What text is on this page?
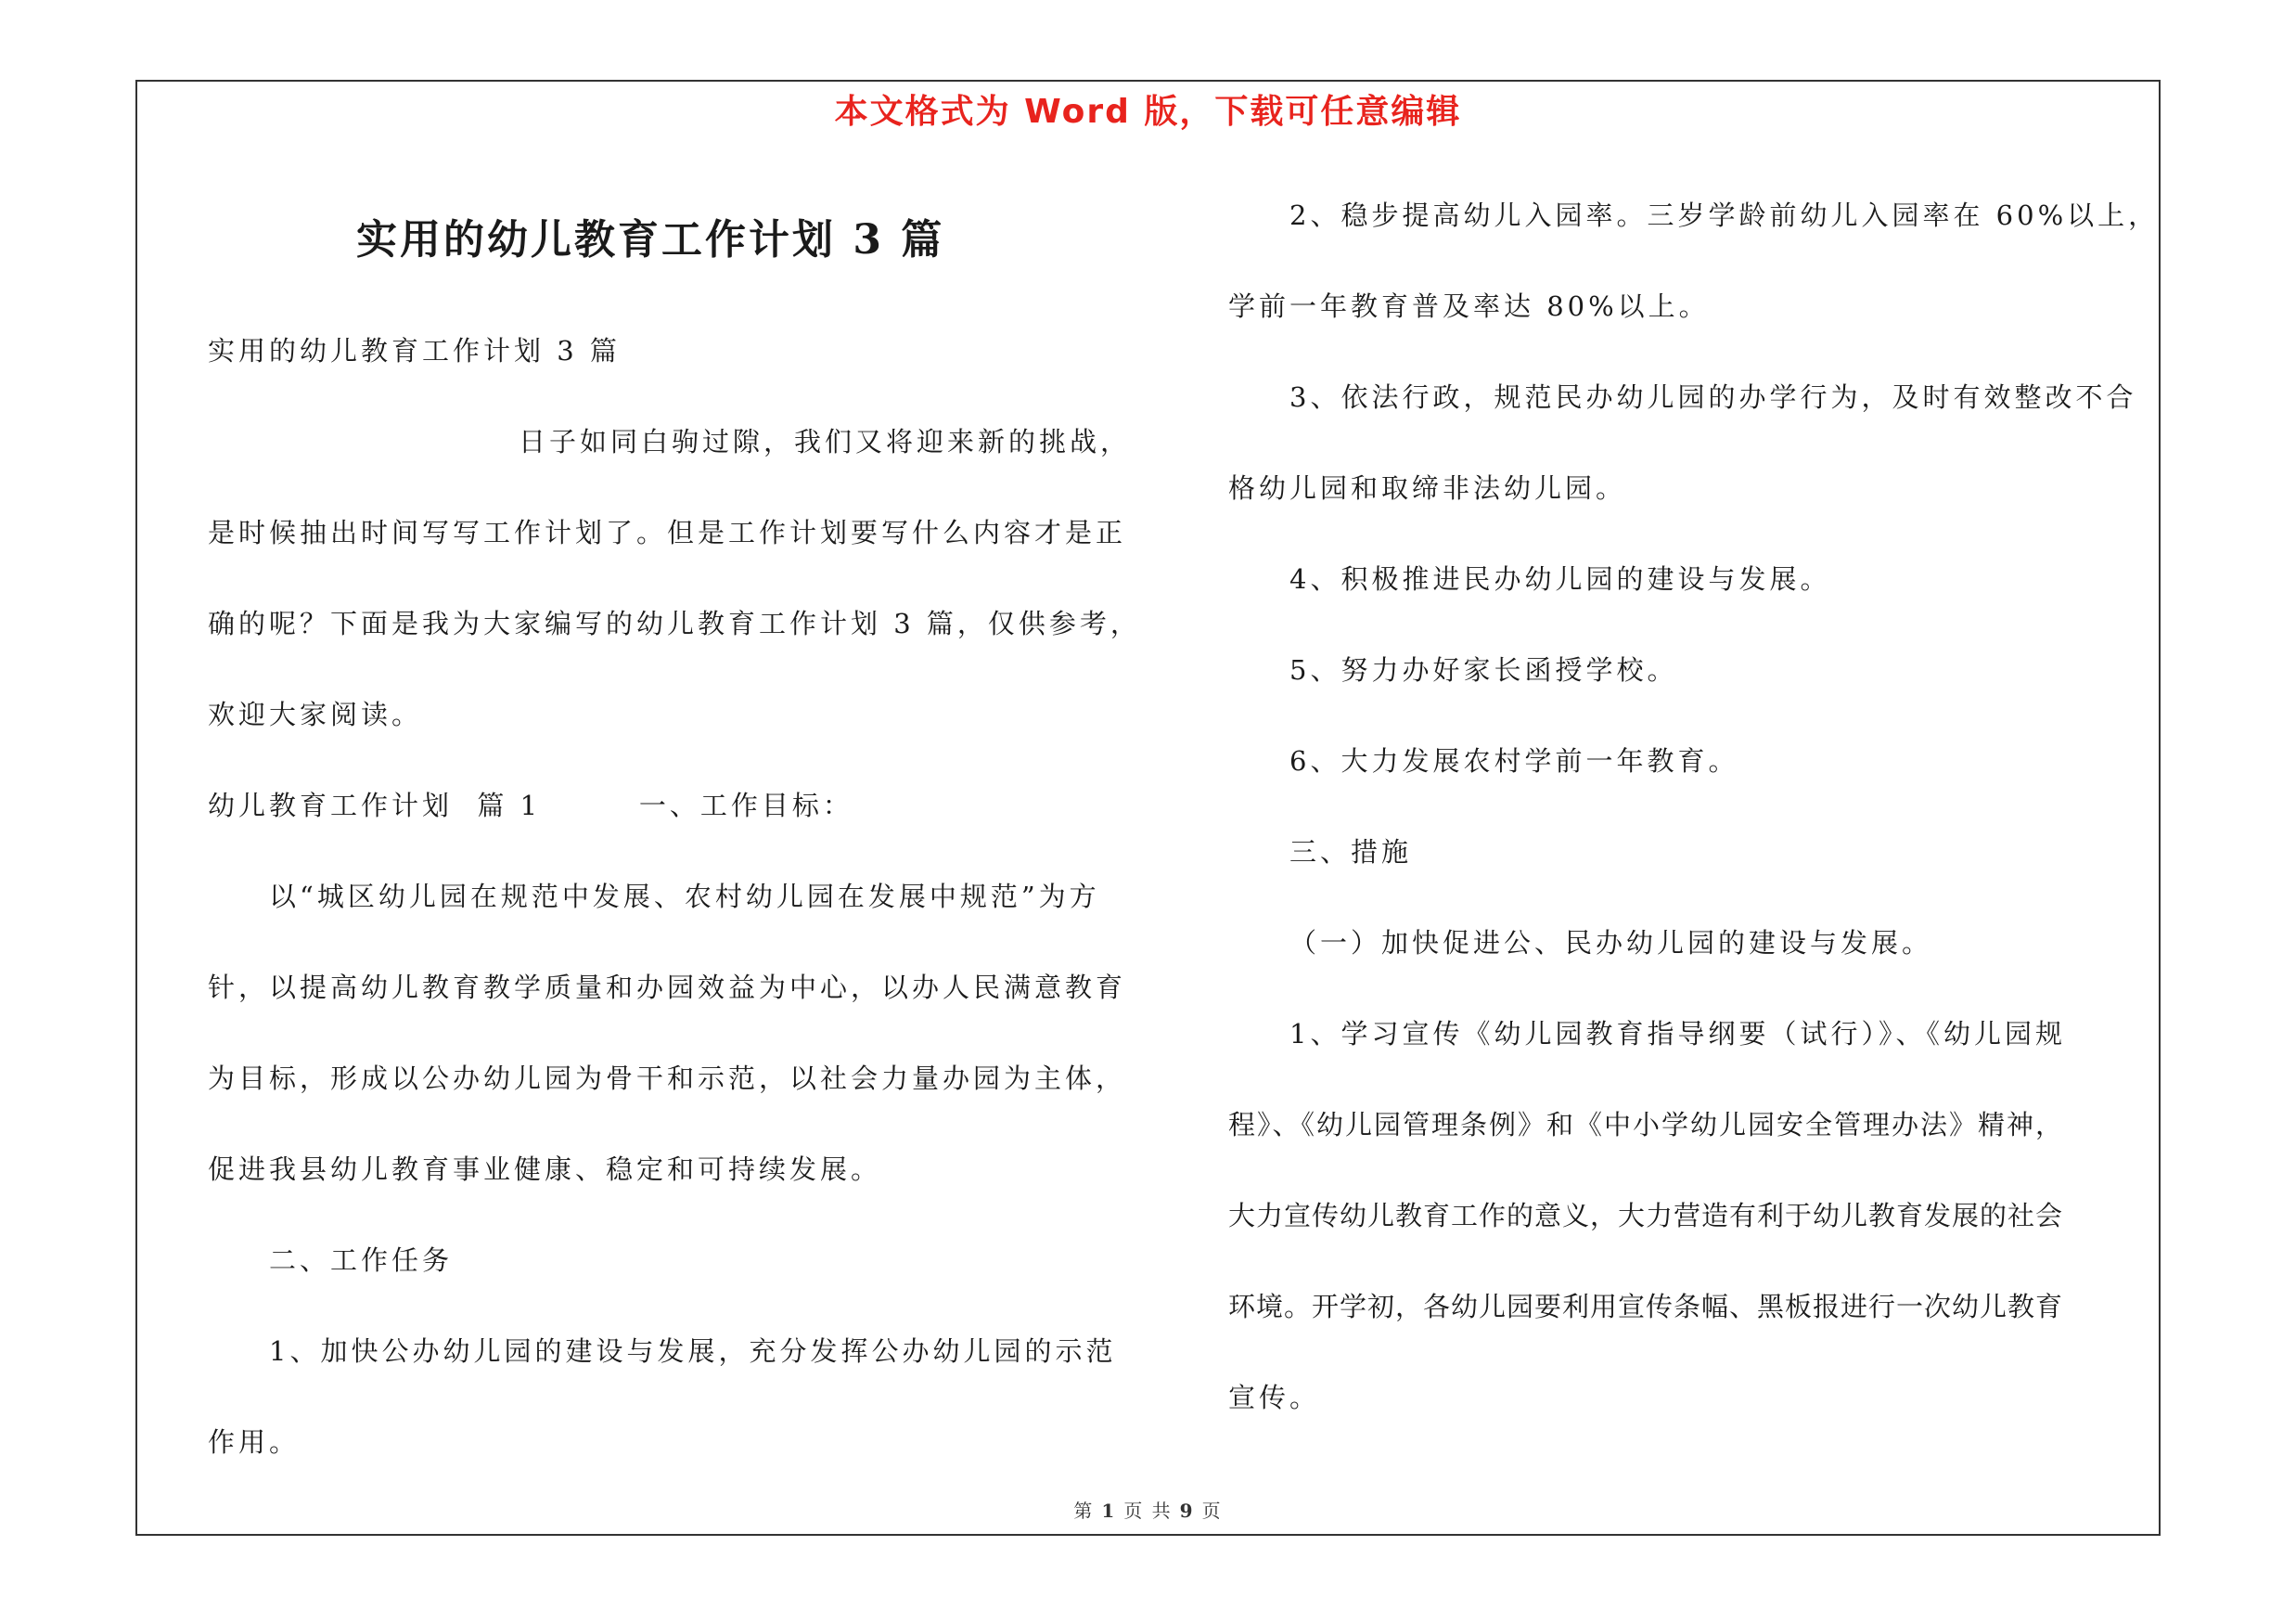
本文格式为 Word 版，下载可任意编辑
实用的幼儿教育工作计划 3 篇
实用的幼儿教育工作计划 3 篇
日子如同白驹过隙，我们又将迎来新的挑战，
是时候抽出时间写写工作计划了。但是工作计划要写什么内容才是正
确的呢？下面是我为大家编写的幼儿教育工作计划 3 篇，仅供参考，
欢迎大家阅读。
幼儿教育工作计划  篇 1        一、工作目标：
以“城区幼儿园在规范中发展、农村幼儿园在发展中规范”为方
针，以提高幼儿教育教学质量和办园效益为中心，以办人民满意教育
为目标，形成以公办幼儿园为骨干和示范，以社会力量办园为主体，
促进我县幼儿教育事业健康、稳定和可持续发展。
二、工作任务
1、加快公办幼儿园的建设与发展，充分发挥公办幼儿园的示范
作用。
2、稳步提高幼儿入园率。三岁学龄前幼儿入园率在 60%以上，
学前一年教育普及率达 80%以上。
3、依法行政，规范民办幼儿园的办学行为，及时有效整改不合
格幼儿园和取缔非法幼儿园。
4、积极推进民办幼儿园的建设与发展。
5、努力办好家长函授学校。
6、大力发展农村学前一年教育。
三、措施
（一）加快促进公、民办幼儿园的建设与发展。
1、学习宣传《幼儿园教育指导纲要（试行）》、《幼儿园规
程》、《幼儿园管理条例》和《中小学幼儿园安全管理办法》精神，
大力宣传幼儿教育工作的意义，大力营造有利于幼儿教育发展的社会
环境。开学初，各幼儿园要利用宣传条幅、黑板报进行一次幼儿教育
宣传。
第 1 页 共 9 页
